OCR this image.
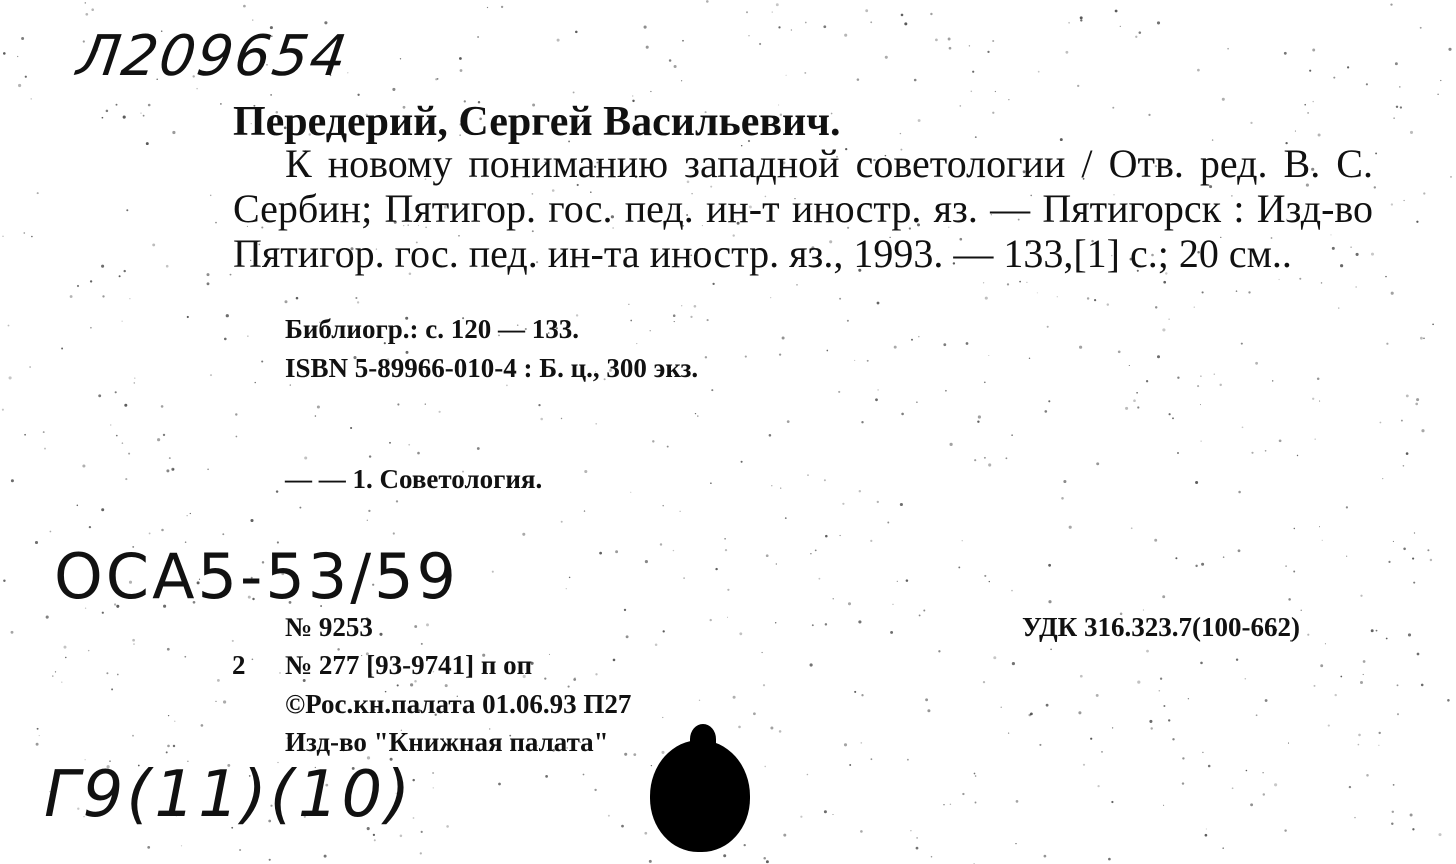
Л209654
Передерий, Сергей Васильевич.

К новому пониманию западной советологии / Отв. ред. В. С. Сербин; Пятигор. гос. пед. ин-т иностр. яз. — Пятигорск : Изд-во Пятигор. гос. пед. ин-та иностр. яз., 1993. — 133,[1] с.; 20 см..

Библиогр.: с. 120 — 133.
ISBN 5-89966-010-4 : Б. ц., 300 экз.
— — 1. Советология.
OCA5-53/59
№ 9253	УДК 316.323.7(100-662)
2 № 277 [93-9741] п оп
©Рос.кн.палата 01.06.93 П27
Изд-во "Книжная палата"
Г9(11)(10)
